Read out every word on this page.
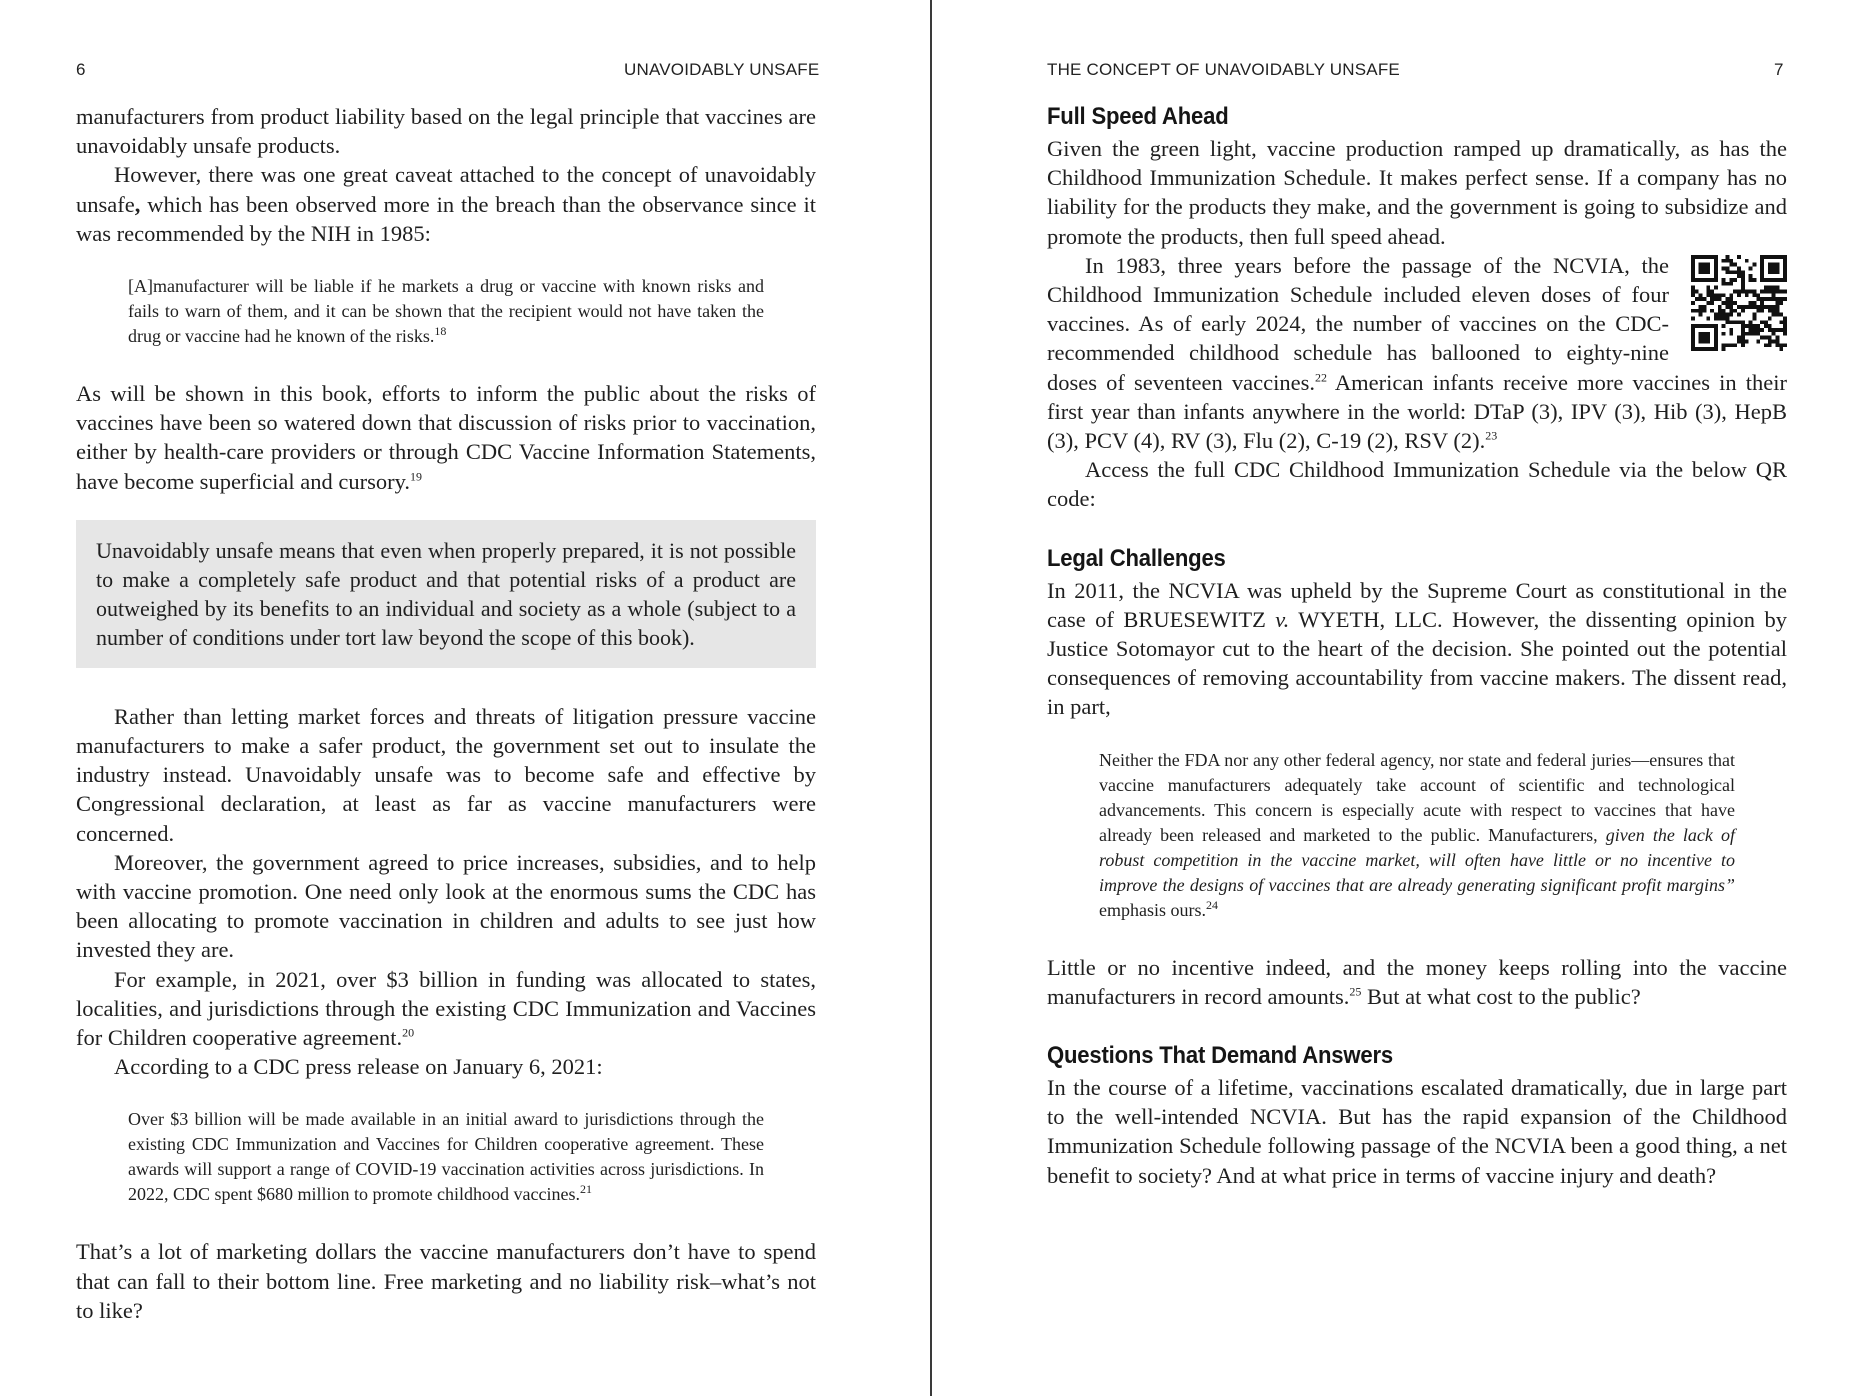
6	UNAVOIDABLY UNSAFE

manufacturers from product liability based on the legal principle that vaccines are unavoidably unsafe products.

However, there was one great caveat attached to the concept of unavoidably unsafe, which has been observed more in the breach than the observance since it was recommended by the NIH in 1985:

[A]manufacturer will be liable if he markets a drug or vaccine with known risks and fails to warn of them, and it can be shown that the recipient would not have taken the drug or vaccine had he known of the risks.$^{18}$

As will be shown in this book, efforts to inform the public about the risks of vaccines have been so watered down that discussion of risks prior to vaccination, either by health-care providers or through CDC Vaccine Information Statements, have become superficial and cursory.$^{19}$

Unavoidably unsafe means that even when properly prepared, it is not possible to make a completely safe product and that potential risks of a product are outweighed by its benefits to an individual and society as a whole (subject to a number of conditions under tort law beyond the scope of this book).

Rather than letting market forces and threats of litigation pressure vaccine manufacturers to make a safer product, the government set out to insulate the industry instead. Unavoidably unsafe was to become safe and effective by Congressional declaration, at least as far as vaccine manufacturers were concerned.

Moreover, the government agreed to price increases, subsidies, and to help with vaccine promotion. One need only look at the enormous sums the CDC has been allocating to promote vaccination in children and adults to see just how invested they are.

For example, in 2021, over $3 billion in funding was allocated to states, localities, and jurisdictions through the existing CDC Immunization and Vaccines for Children cooperative agreement.$^{20}$

According to a CDC press release on January 6, 2021:

Over $3 billion will be made available in an initial award to jurisdictions through the existing CDC Immunization and Vaccines for Children cooperative agreement. These awards will support a range of COVID-19 vaccination activities across jurisdictions. In 2022, CDC spent $680 million to promote childhood vaccines.$^{21}$

That’s a lot of marketing dollars the vaccine manufacturers don’t have to spend that can fall to their bottom line. Free marketing and no liability risk–what’s not to like?

THE CONCEPT OF UNAVOIDABLY UNSAFE	7
Full Speed Ahead

Given the green light, vaccine production ramped up dramatically, as has the Childhood Immunization Schedule. It makes perfect sense. If a company has no liability for the products they make, and the government is going to subsidize and promote the products, then full speed ahead.

In 1983, three years before the passage of the NCVIA, the Childhood Immunization Schedule included eleven doses of four vaccines. As of early 2024, the number of vaccines on the CDC-recommended childhood schedule has ballooned to eighty-nine doses of seventeen vaccines.$^{22}$ American infants receive more vaccines in their first year than infants anywhere in the world: DTaP (3), IPV (3), Hib (3), HepB (3), PCV (4), RV (3), Flu (2), C-19 (2), RSV (2).$^{23}$

Access the full CDC Childhood Immunization Schedule via the below QR code:

Legal Challenges

In 2011, the NCVIA was upheld by the Supreme Court as constitutional in the case of BRUESEWITZ v. WYETH, LLC. However, the dissenting opinion by Justice Sotomayor cut to the heart of the decision. She pointed out the potential consequences of removing accountability from vaccine makers. The dissent read, in part,

Neither the FDA nor any other federal agency, nor state and federal juries—ensures that vaccine manufacturers adequately take account of scientific and technological advancements. This concern is especially acute with respect to vaccines that have already been released and marketed to the public. Manufacturers, given the lack of robust competition in the vaccine market, will often have little or no incentive to improve the designs of vaccines that are already generating significant profit margins” emphasis ours.$^{24}$

Little or no incentive indeed, and the money keeps rolling into the vaccine manufacturers in record amounts.$^{25}$ But at what cost to the public?

Questions That Demand Answers

In the course of a lifetime, vaccinations escalated dramatically, due in large part to the well-intended NCVIA. But has the rapid expansion of the Childhood Immunization Schedule following passage of the NCVIA been a good thing, a net benefit to society? And at what price in terms of vaccine injury and death?
